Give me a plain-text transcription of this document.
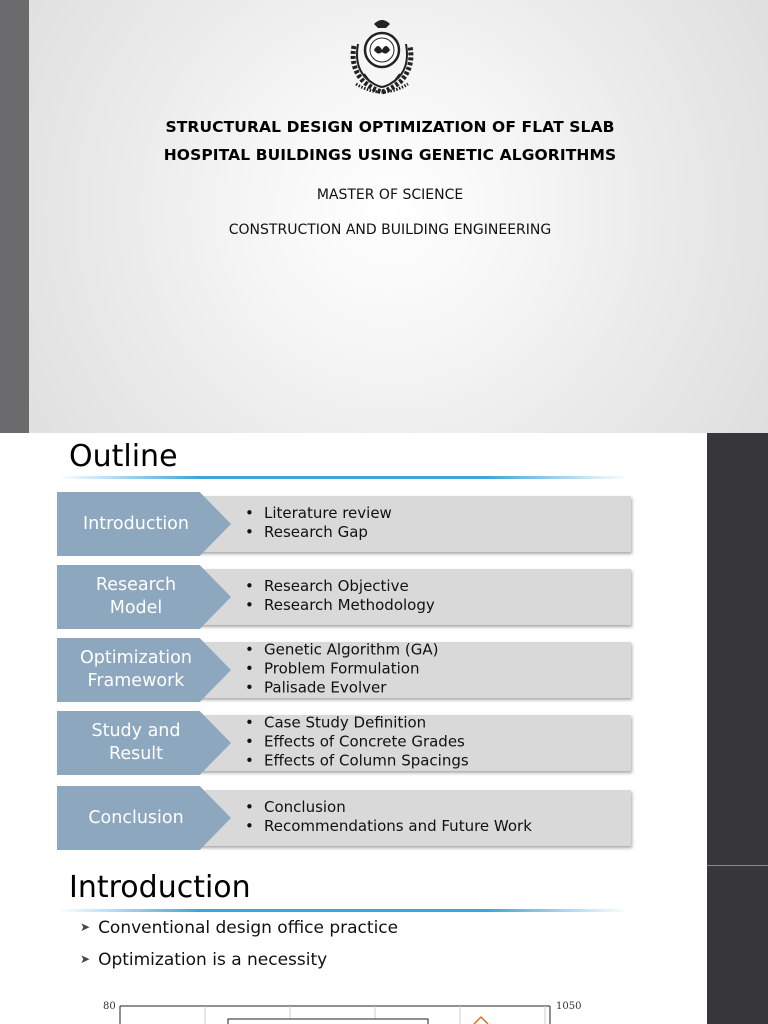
STRUCTURAL DESIGN OPTIMIZATION OF FLAT SLAB
HOSPITAL BUILDINGS USING GENETIC ALGORITHMS
MASTER OF SCIENCE
CONSTRUCTION AND BUILDING ENGINEERING
Outline
Introduction
• Literature review
• Research Gap
Research
Model
• Research Objective
• Research Methodology
Optimization
Framework
• Genetic Algorithm (GA)
• Problem Formulation
• Palisade Evolver
Study and
Result
• Case Study Definition
• Effects of Concrete Grades
• Effects of Column Spacings
Conclusion
• Conclusion
• Recommendations and Future Work
Introduction
➤ Conventional design office practice
➤ Optimization is a necessity
80	1050
